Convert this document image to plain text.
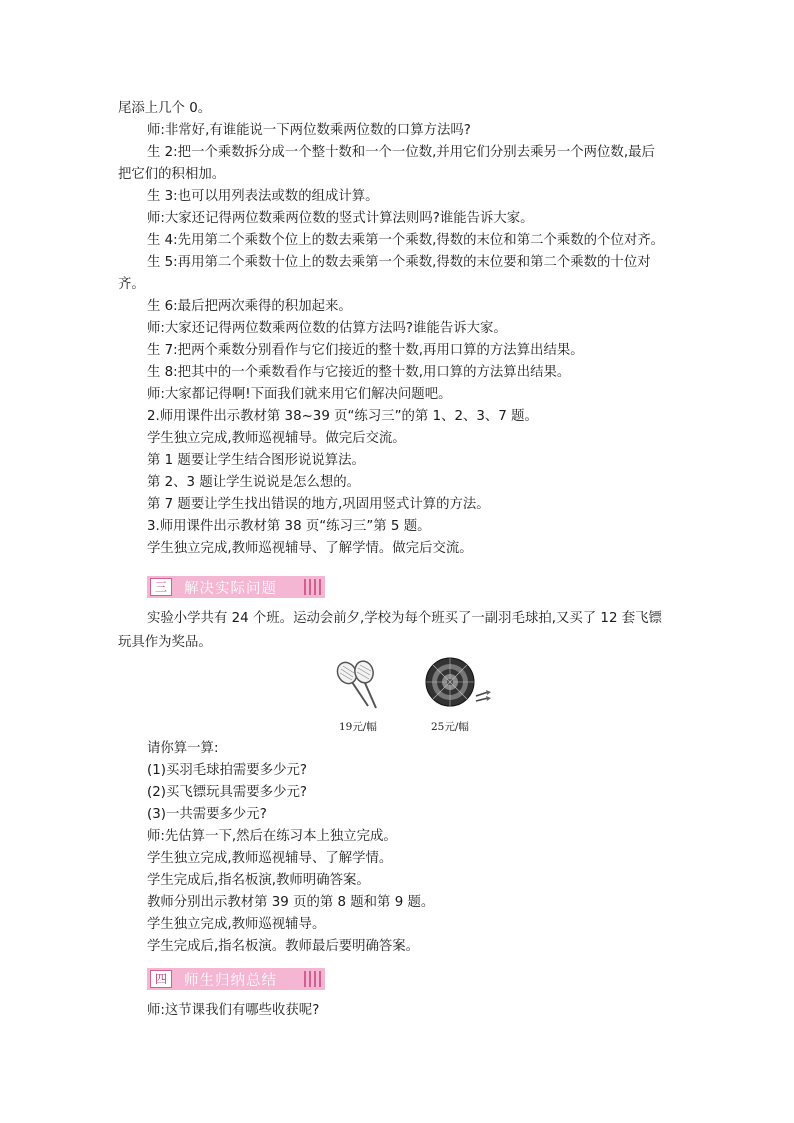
尾添上几个 0。
师:非常好,有谁能说一下两位数乘两位数的口算方法吗?
生 2:把一个乘数拆分成一个整十数和一个一位数,并用它们分别去乘另一个两位数,最后
把它们的积相加。
生 3:也可以用列表法或数的组成计算。
师:大家还记得两位数乘两位数的竖式计算法则吗?谁能告诉大家。
生 4:先用第二个乘数个位上的数去乘第一个乘数,得数的末位和第二个乘数的个位对齐。
生 5:再用第二个乘数十位上的数去乘第一个乘数,得数的末位要和第二个乘数的十位对
齐。
生 6:最后把两次乘得的积加起来。
师:大家还记得两位数乘两位数的估算方法吗?谁能告诉大家。
生 7:把两个乘数分别看作与它们接近的整十数,再用口算的方法算出结果。
生 8:把其中的一个乘数看作与它接近的整十数,用口算的方法算出结果。
师:大家都记得啊!下面我们就来用它们解决问题吧。
2.师用课件出示教材第 38~39 页“练习三”的第 1、2、3、7 题。
学生独立完成,教师巡视辅导。做完后交流。
第 1 题要让学生结合图形说说算法。
第 2、3 题让学生说说是怎么想的。
第 7 题要让学生找出错误的地方,巩固用竖式计算的方法。
3.师用课件出示教材第 38 页“练习三”第 5 题。
学生独立完成,教师巡视辅导、了解学情。做完后交流。
三	解决实际问题
实验小学共有 24 个班。运动会前夕,学校为每个班买了一副羽毛球拍,又买了 12 套飞镖
玩具作为奖品。
19元/幅	25元/幅
请你算一算:
(1)买羽毛球拍需要多少元?
(2)买飞镖玩具需要多少元?
(3)一共需要多少元?
师:先估算一下,然后在练习本上独立完成。
学生独立完成,教师巡视辅导、了解学情。
学生完成后,指名板演,教师明确答案。
教师分别出示教材第 39 页的第 8 题和第 9 题。
学生独立完成,教师巡视辅导。
学生完成后,指名板演。教师最后要明确答案。
四	师生归纳总结
师:这节课我们有哪些收获呢?
